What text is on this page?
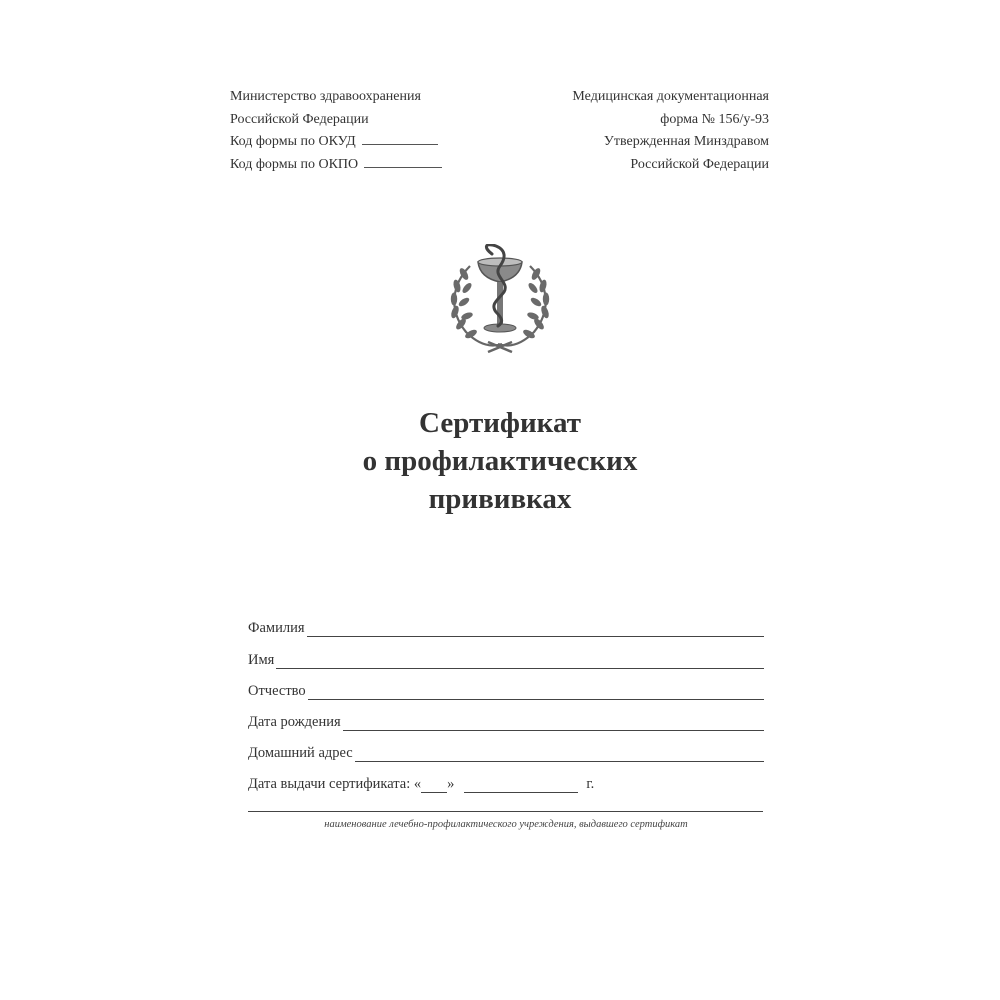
Министерство здравоохранения
Российской Федерации
Код формы по ОКУД
Код формы по ОКПО
Медицинская документационная
форма № 156/у-93
Утвержденная Минздравом
Российской Федерации
Сертификат
о профилактических
прививках
Фамилия
Имя
Отчество
Дата рождения
Домашний адрес
Дата выдачи сертификата:
« »	г.
наименование лечебно-профилактического учреждения, выдавшего сертификат
